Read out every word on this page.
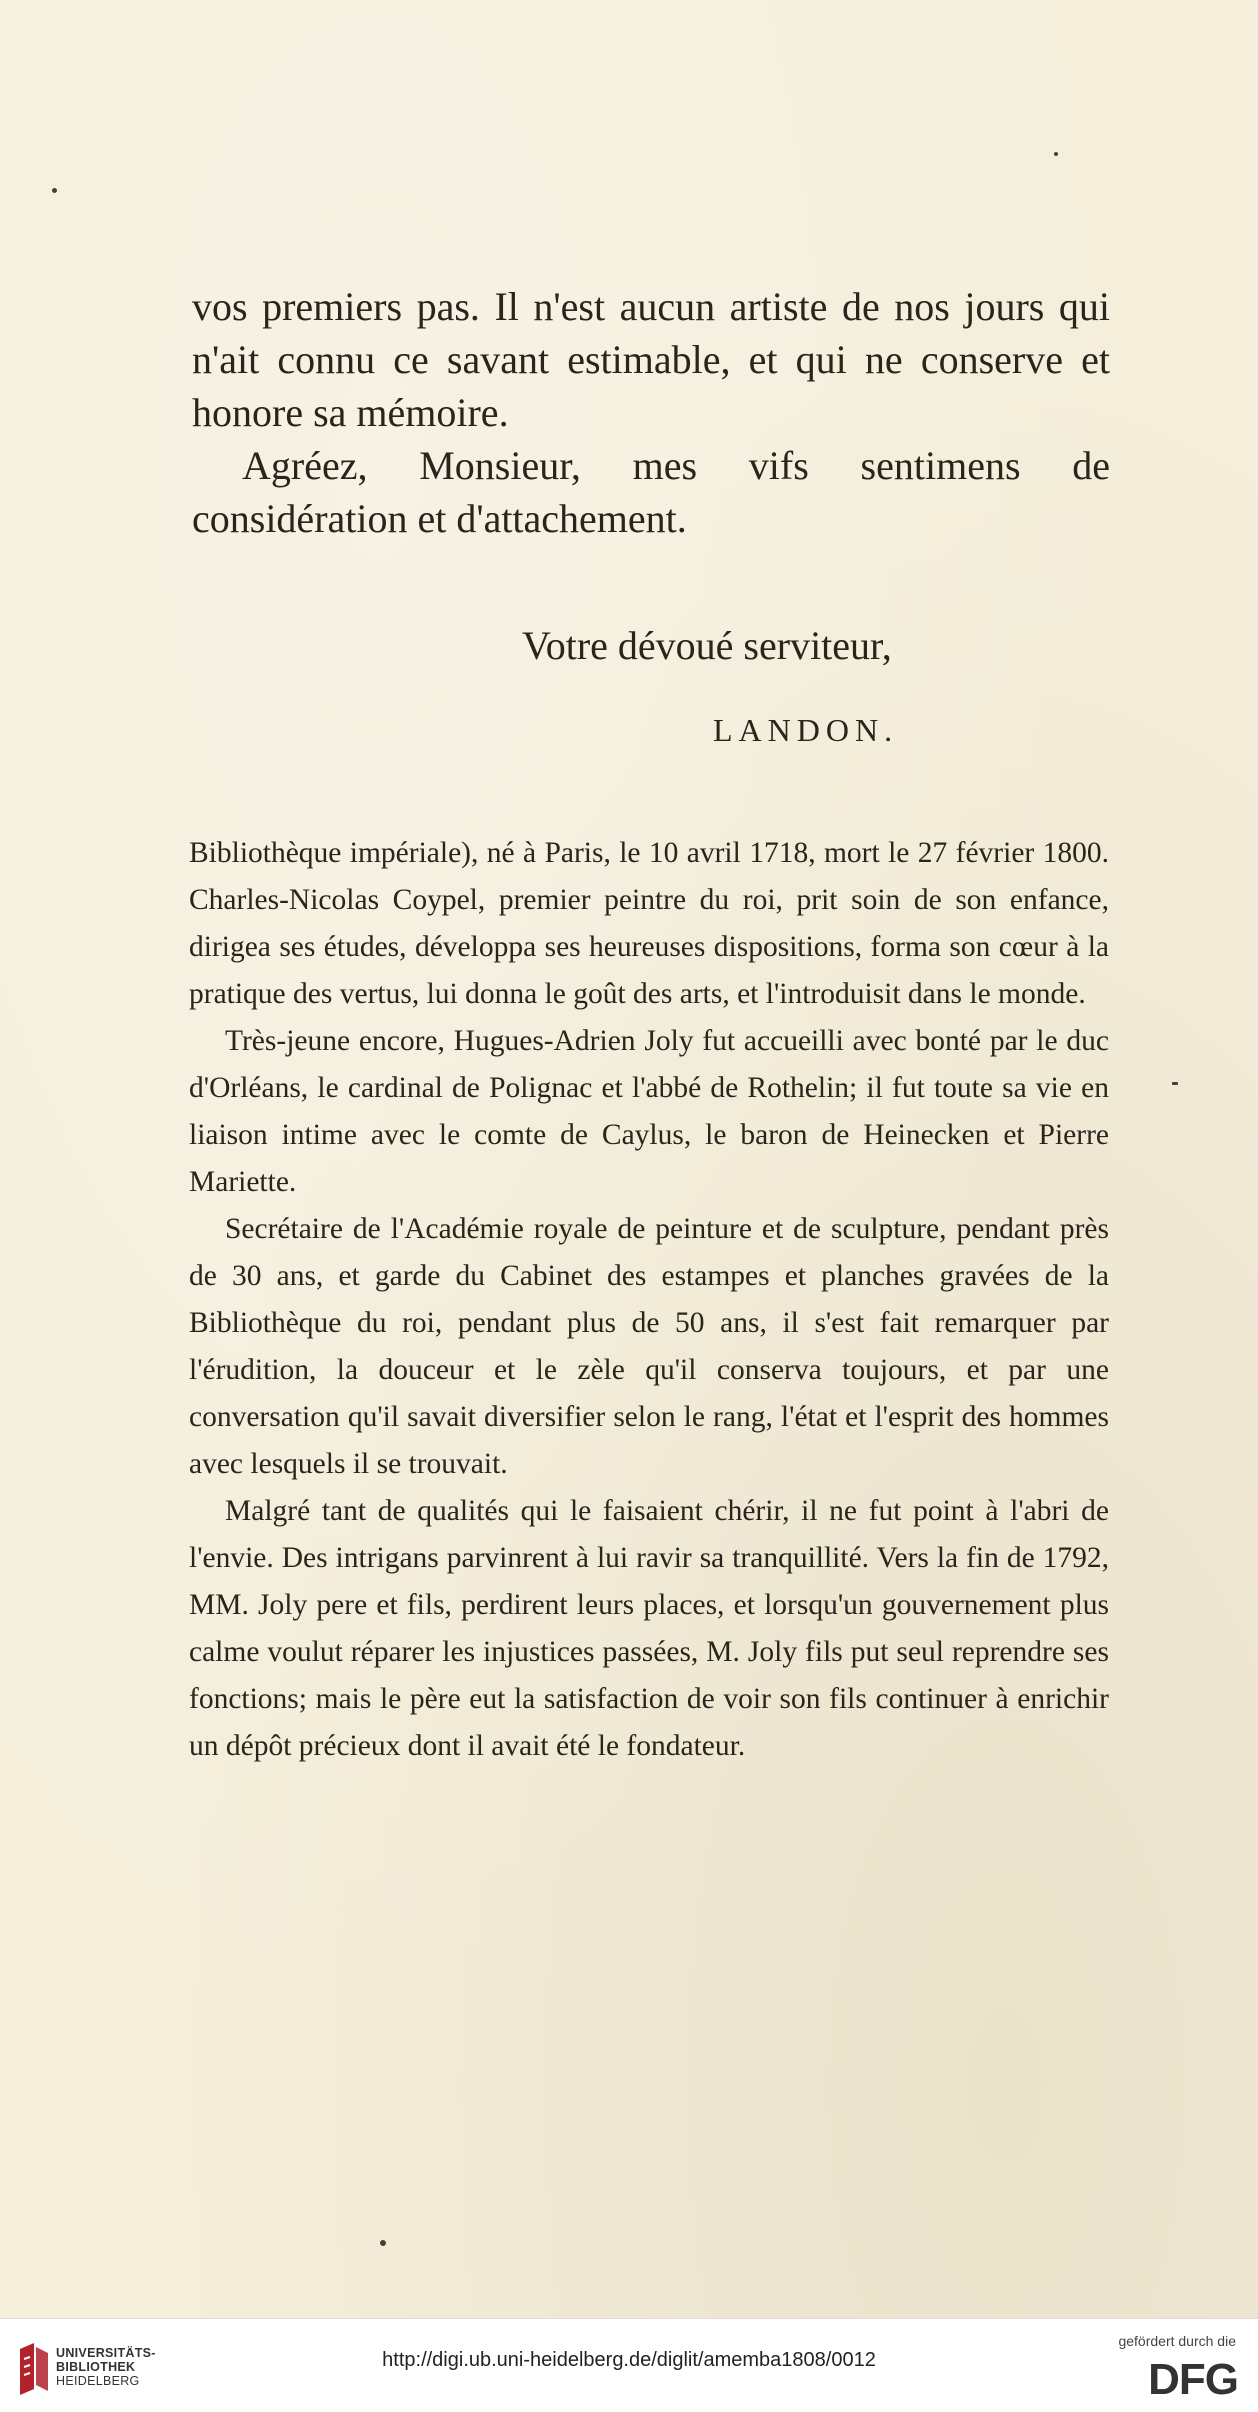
vos premiers pas. Il n'est aucun artiste de nos jours qui n'ait connu ce savant estimable, et qui ne conserve et honore sa mémoire.

Agréez, Monsieur, mes vifs sentimens de considération et d'attachement.

Votre dévoué serviteur,
LANDON.

Bibliothèque impériale), né à Paris, le 10 avril 1718, mort le 27 février 1800. Charles-Nicolas Coypel, premier peintre du roi, prit soin de son enfance, dirigea ses études, développa ses heureuses dispositions, forma son cœur à la pratique des vertus, lui donna le goût des arts, et l'introduisit dans le monde.

Très-jeune encore, Hugues-Adrien Joly fut accueilli avec bonté par le duc d'Orléans, le cardinal de Polignac et l'abbé de Rothelin; il fut toute sa vie en liaison intime avec le comte de Caylus, le baron de Heinecken et Pierre Mariette.

Secrétaire de l'Académie royale de peinture et de sculpture, pendant près de 30 ans, et garde du Cabinet des estampes et planches gravées de la Bibliothèque du roi, pendant plus de 50 ans, il s'est fait remarquer par l'érudition, la douceur et le zèle qu'il conserva toujours, et par une conversation qu'il savait diversifier selon le rang, l'état et l'esprit des hommes avec lesquels il se trouvait.

Malgré tant de qualités qui le faisaient chérir, il ne fut point à l'abri de l'envie. Des intrigans parvinrent à lui ravir sa tranquillité. Vers la fin de 1792, MM. Joly pere et fils, perdirent leurs places, et lorsqu'un gouvernement plus calme voulut réparer les injustices passées, M. Joly fils put seul reprendre ses fonctions; mais le père eut la satisfaction de voir son fils continuer à enrichir un dépôt précieux dont il avait été le fondateur.

UNIVERSITÄTS-
BIBLIOTHEK
HEIDELBERG
http://digi.ub.uni-heidelberg.de/diglit/amemba1808/0012
gefördert durch die
DFG
